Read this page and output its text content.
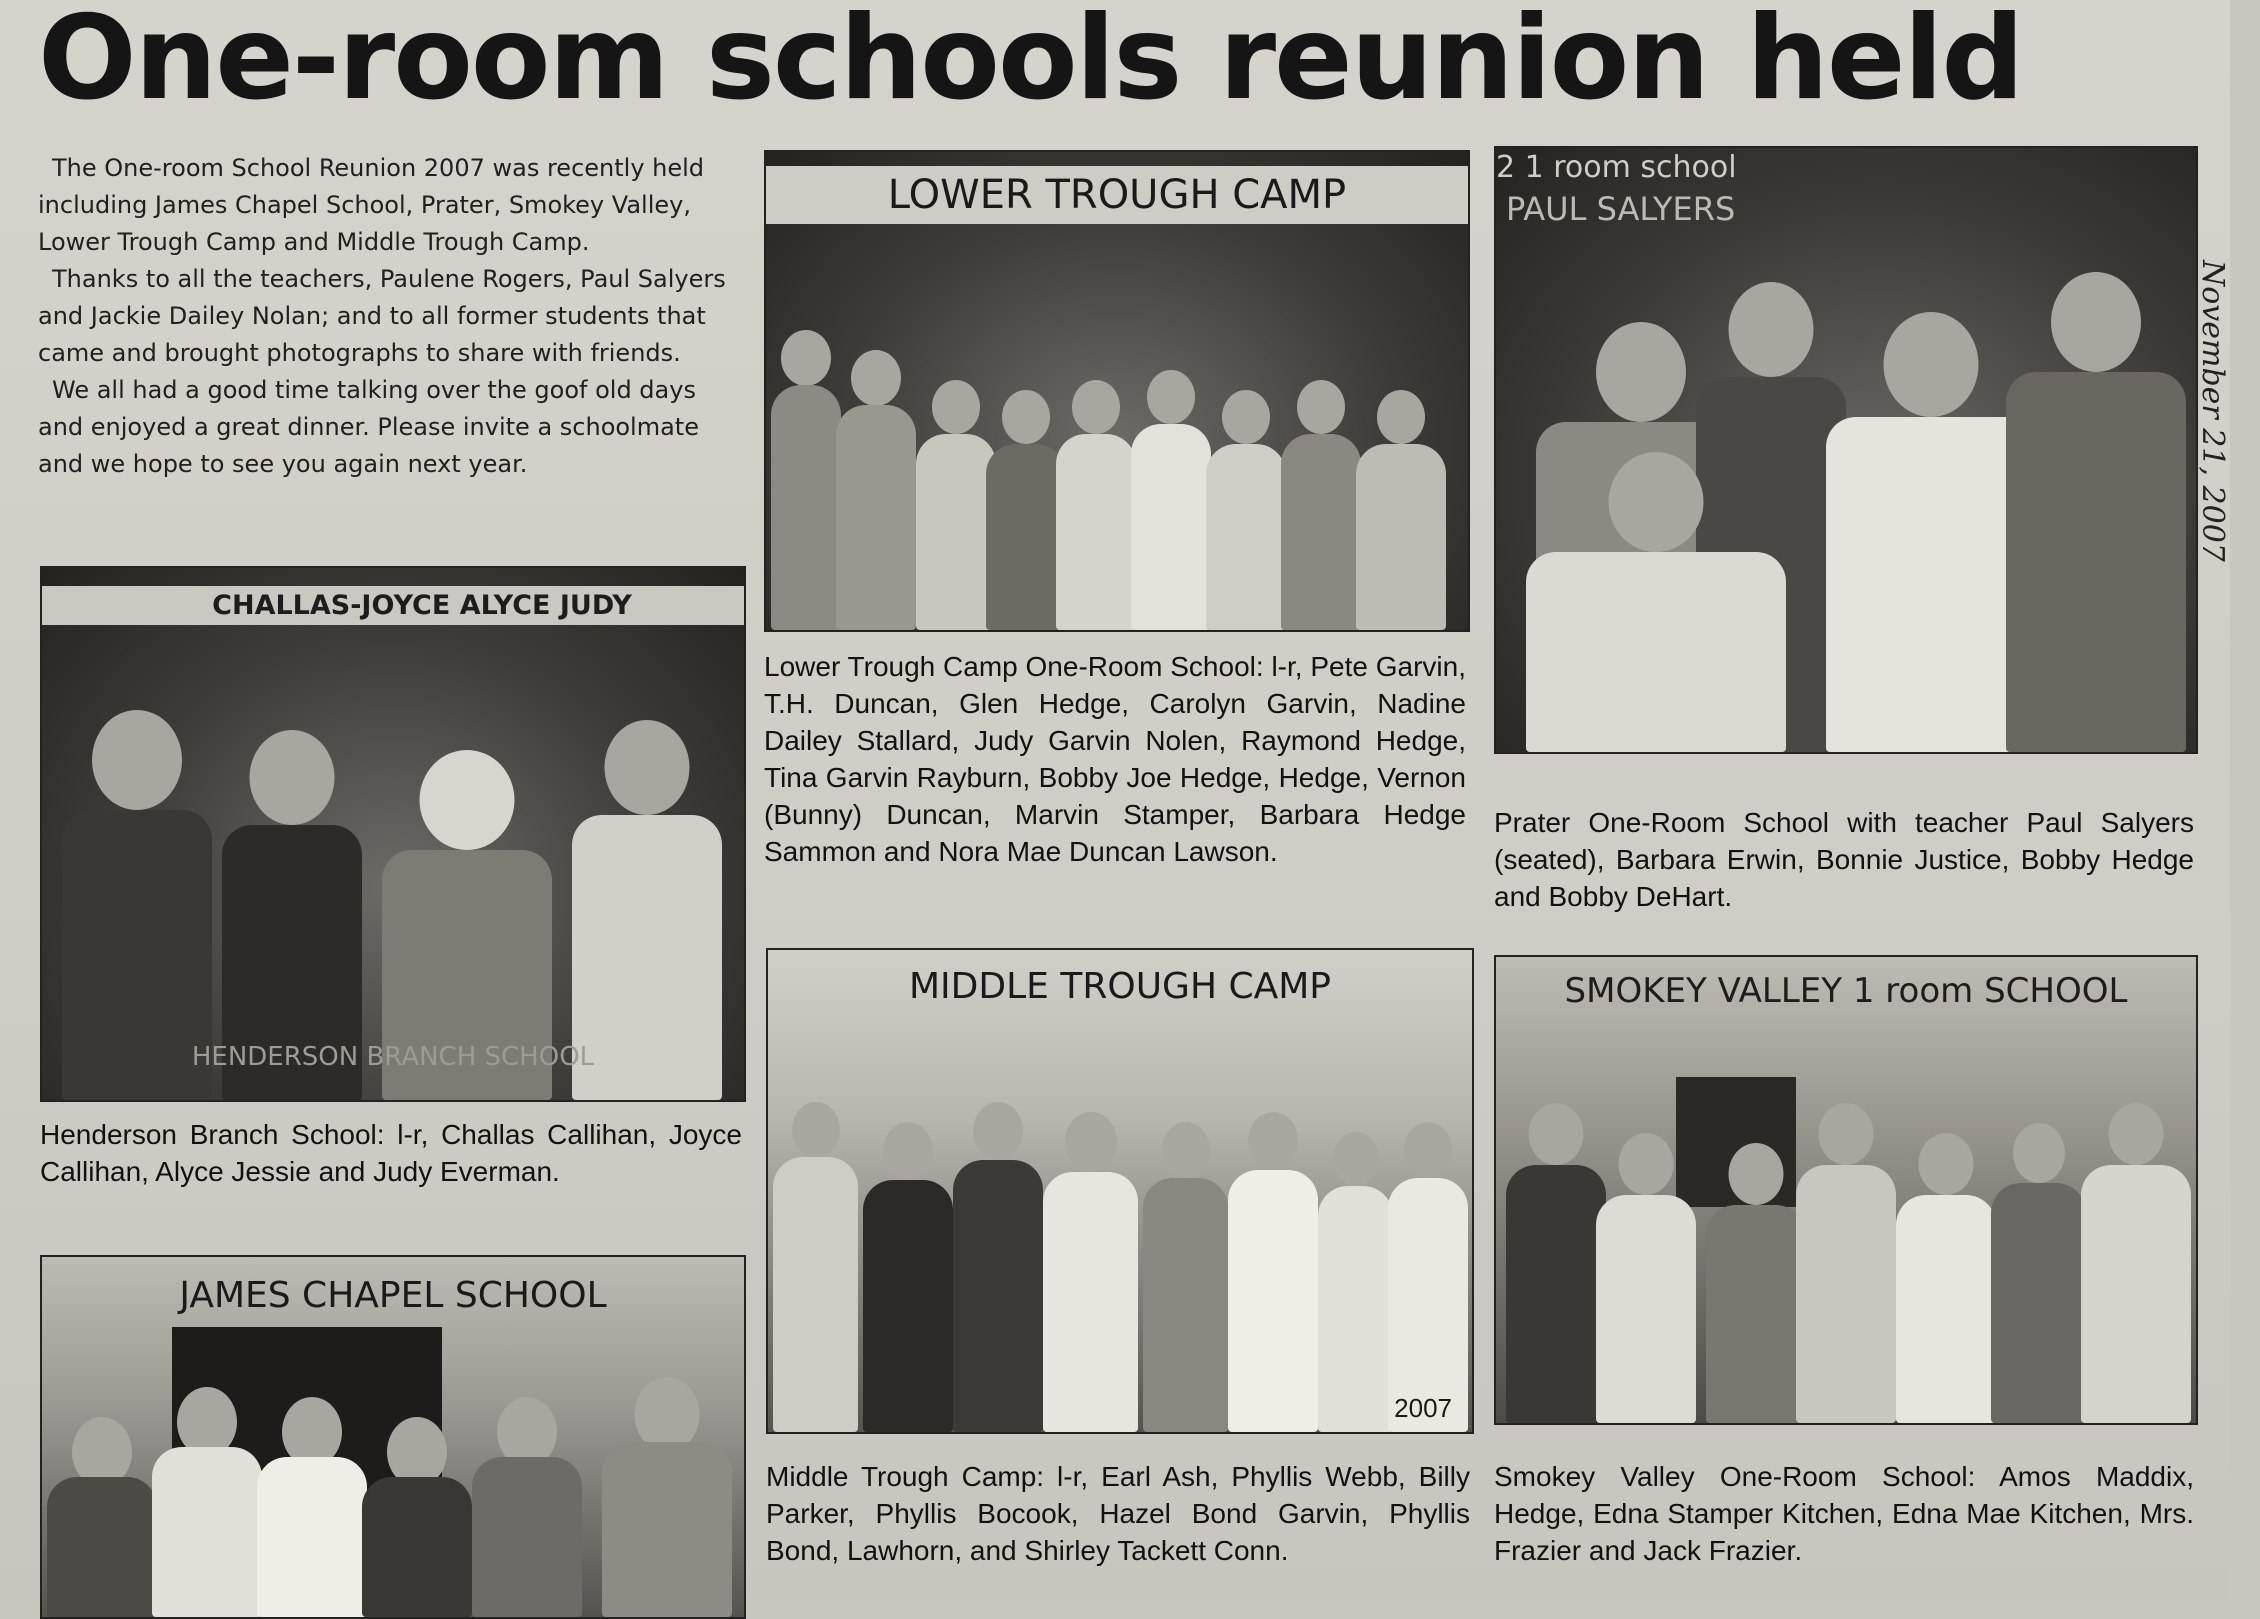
One-room schools reunion held

The One-room School Reunion 2007 was recently held including James Chapel School, Prater, Smokey Valley, Lower Trough Camp and Middle Trough Camp.

Thanks to all the teachers, Paulene Rogers, Paul Salyers and Jackie Dailey Nolan; and to all former students that came and brought photographs to share with friends.

We all had a good time talking over the goof old days and enjoyed a great dinner. Please invite a schoolmate and we hope to see you again next year.

CHALLAS-JOYCE ALYCE JUDY
HENDERSON BRANCH SCHOOL
Henderson Branch School: l-r, Challas Callihan, Joyce Callihan, Alyce Jessie and Judy Everman.
JAMES CHAPEL SCHOOL
LOWER TROUGH CAMP
Lower Trough Camp One-Room School: l-r, Pete Garvin, T.H. Duncan, Glen Hedge, Carolyn Garvin, Nadine Dailey Stallard, Judy Garvin Nolen, Raymond Hedge, Tina Garvin Rayburn, Bobby Joe Hedge, Hedge, Vernon (Bunny) Duncan, Marvin Stamper, Barbara Hedge Sammon and Nora Mae Duncan Lawson.
MIDDLE TROUGH CAMP
2007
Middle Trough Camp: l-r, Earl Ash, Phyllis Webb, Billy Parker, Phyllis Bocook, Hazel Bond Garvin, Phyllis Bond, Lawhorn, and Shirley Tackett Conn.
2 1 room school
PAUL SALYERS
Prater One-Room School with teacher Paul Salyers (seated), Barbara Erwin, Bonnie Justice, Bobby Hedge and Bobby DeHart.
SMOKEY VALLEY 1 room SCHOOL
Smokey Valley One-Room School: Amos Maddix, Hedge, Edna Stamper Kitchen, Edna Mae Kitchen, Mrs. Frazier and Jack Frazier.
November 21, 2007
